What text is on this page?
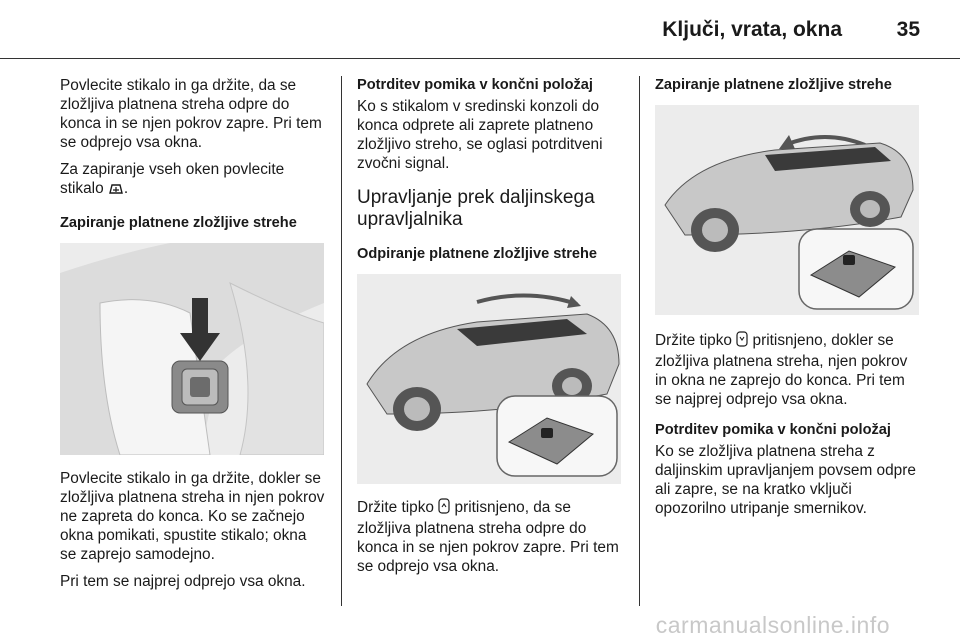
Ključi, vrata, okna	35

Povlecite stikalo in ga držite, da se zložljiva platnena streha odpre do konca in se njen pokrov zapre. Pri tem se odprejo vsa okna.

Za zapiranje vseh oken povlecite stikalo .

Zapiranje platnene zložljive strehe

Povlecite stikalo in ga držite, dokler se zložljiva platnena streha in njen pokrov ne zapreta do konca. Ko se začnejo okna pomikati, spustite stikalo; okna se zaprejo samodejno.

Pri tem se najprej odprejo vsa okna.

Potrditev pomika v končni položaj

Ko s stikalom v sredinski konzoli do konca odprete ali zaprete platneno zložljivo streho, se oglasi potrditveni zvočni signal.

Upravljanje prek daljinskega upravljalnika
Odpiranje platnene zložljive strehe

Držite tipko  pritisnjeno, da se zložljiva platnena streha odpre do konca in se njen pokrov zapre. Pri tem se odprejo vsa okna.

Zapiranje platnene zložljive strehe

Držite tipko  pritisnjeno, dokler se zložljiva platnena streha, njen pokrov in okna ne zaprejo do konca. Pri tem se najprej odprejo vsa okna.

Potrditev pomika v končni položaj

Ko se zložljiva platnena streha z daljinskim upravljanjem povsem odpre ali zapre, se na kratko vključi opozorilno utripanje smernikov.

carmanualsonline.info
